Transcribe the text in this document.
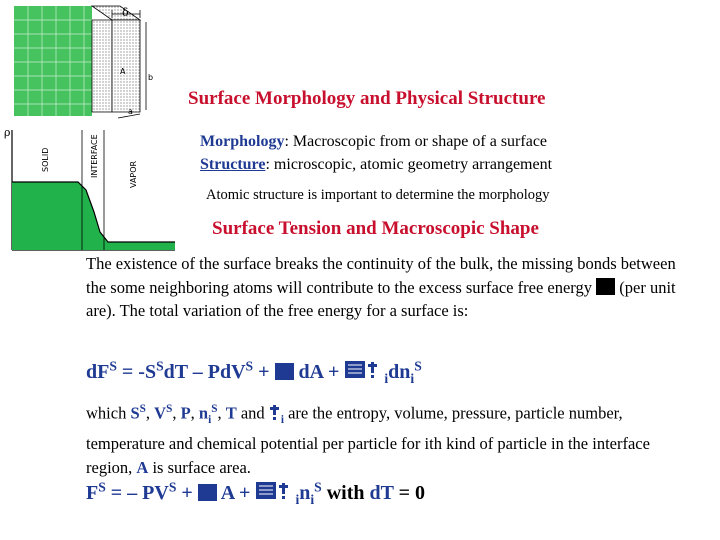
δ
A
b
a
ρ
SOLID	INTERFACE	VAPOR
Surface Morphology and Physical Structure
Morphology: Macroscopic from or shape of a surface
Structure: microscopic, atomic geometry arrangement
Atomic structure is important to determine the morphology
Surface Tension and Macroscopic Shape
The existence of the surface breaks the continuity of the bulk, the missing bonds between the some neighboring atoms will contribute to the excess surface free energy  (per unit are). The total variation of the free energy for a surface is:
$dF^S = -S^SdT - PdV^S$ +  dA +	$_idn_i^S$
which $S^S$, $V^S$, P, $n_i^S$, T and $_i$ are the entropy, volume, pressure, particle number, temperature and chemical potential per particle for ith kind of particle in the interface region, A is surface area.
$F^S$ = – $PV^S + A$ +	$_in_i^S$ with dT = 0
